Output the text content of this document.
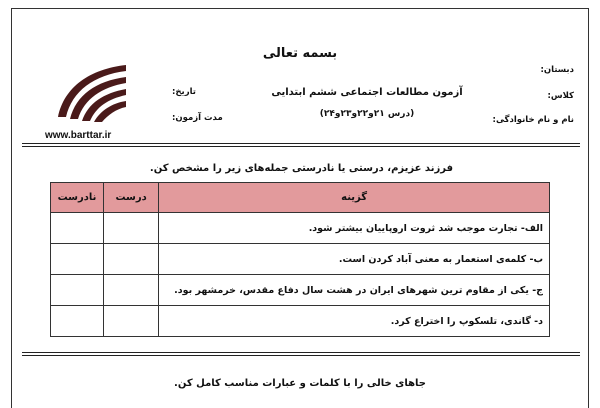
بسمه تعالی
دبستان:
کلاس:
نام و نام خانوادگی:
آزمون مطالعات اجتماعی ششم ابتدایی
(درس ۲۱و۲۲و۲۳و۲۴)
تاریخ:
مدت آزمون:
www.barttar.ir
فرزند عزیزم، درستی یا نادرستی جمله‌های زیر را مشخص کن.
جاهای خالی را با کلمات و عبارات مناسب کامل کن.
گزینه	درست	نادرست
الف- تجارت موجب شد ثروت اروپاییان بیشتر شود.		
ب- کلمه‌ی استعمار به معنی آباد کردن است.		
ج- یکی از مقاوم ترین شهرهای ایران در هشت سال دفاع مقدس، خرمشهر بود.		
د- گاندی، تلسکوپ را اختراع کرد.		
